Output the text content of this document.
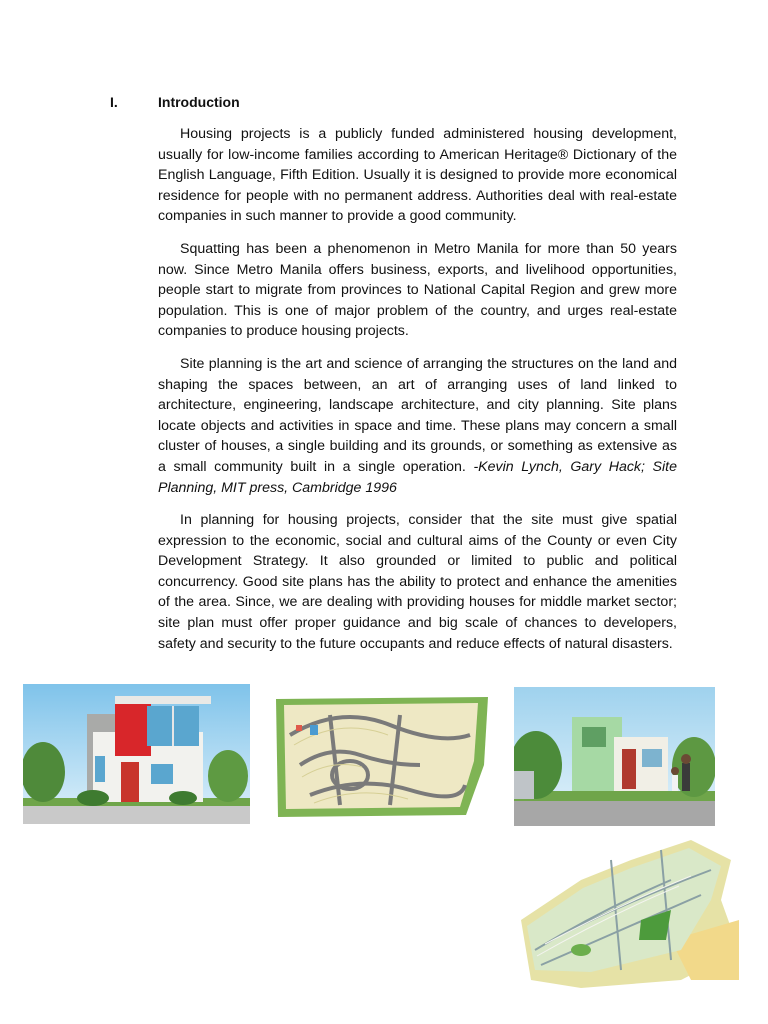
I.	Introduction

Housing projects is a publicly funded administered housing development, usually for low-income families according to American Heritage® Dictionary of the English Language, Fifth Edition. Usually it is designed to provide more economical residence for people with no permanent address. Authorities deal with real-estate companies in such manner to provide a good community.

Squatting has been a phenomenon in Metro Manila for more than 50 years now. Since Metro Manila offers business, exports, and livelihood opportunities, people start to migrate from provinces to National Capital Region and grew more population. This is one of major problem of the country, and urges real-estate companies to produce housing projects.

Site planning is the art and science of arranging the structures on the land and shaping the spaces between, an art of arranging uses of land linked to architecture, engineering, landscape architecture, and city planning. Site plans locate objects and activities in space and time. These plans may concern a small cluster of houses, a single building and its grounds, or something as extensive as a small community built in a single operation. -Kevin Lynch, Gary Hack; Site Planning, MIT press, Cambridge 1996

In planning for housing projects, consider that the site must give spatial expression to the economic, social and cultural aims of the County or even City Development Strategy. It also grounded or limited to public and political concurrency. Good site plans has the ability to protect and enhance the amenities of the area. Since, we are dealing with providing houses for middle market sector; site plan must offer proper guidance and big scale of chances to developers, safety and security to the future occupants and reduce effects of natural disasters.
